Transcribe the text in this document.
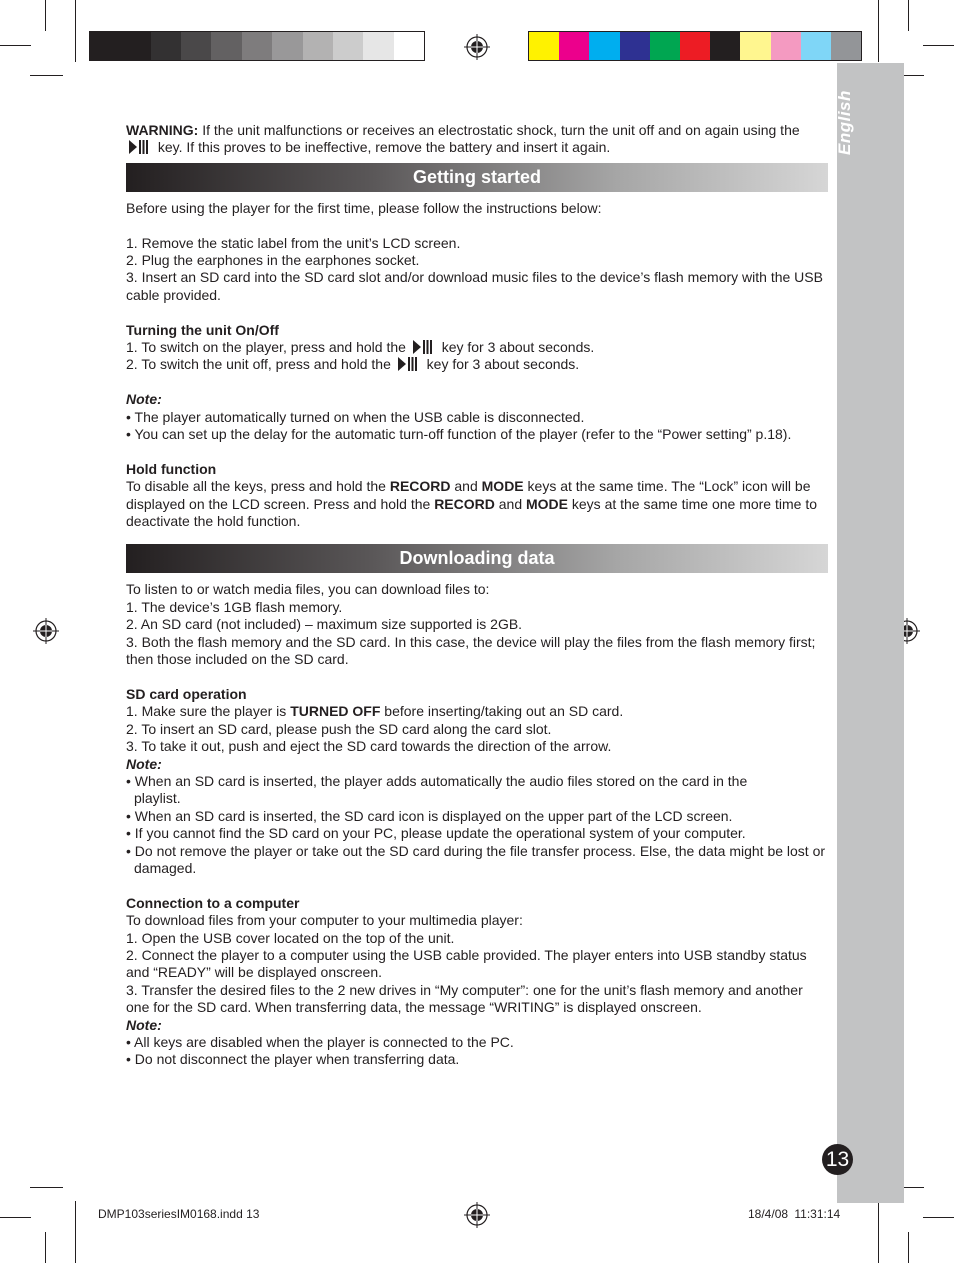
English
13

WARNING: If the unit malfunctions or receives an electrostatic shock, turn the unit off and on again using the  key. If this proves to be ineffective, remove the battery and insert it again.

Getting started

Before using the player for the first time, please follow the instructions below:

1. Remove the static label from the unit’s LCD screen.

2. Plug the earphones in the earphones socket.

3. Insert an SD card into the SD card slot and/or download music files to the device’s flash memory with the USB cable provided.

Turning the unit On/Off

1. To switch on the player, press and hold the	key for 3 about seconds.

2. To switch the unit off, press and hold the	key for 3 about seconds.

Note:

• The player automatically turned on when the USB cable is disconnected.

• You can set up the delay for the automatic turn-off function of the player (refer to the “Power setting” p.18).

Hold function

To disable all the keys, press and hold the RECORD and MODE keys at the same time. The “Lock” icon will be displayed on the LCD screen. Press and hold the RECORD and MODE keys at the same time one more time to deactivate the hold function.

Downloading data

To listen to or watch media files, you can download files to:

1. The device’s 1GB flash memory.

2. An SD card (not included) – maximum size supported is 2GB.

3. Both the flash memory and the SD card. In this case, the device will play the files from the flash memory first; then those included on the SD card.

SD card operation

1. Make sure the player is TURNED OFF before inserting/taking out an SD card.

2. To insert an SD card, please push the SD card along the card slot.

3. To take it out, push and eject the SD card towards the direction of the arrow.

Note:

• When an SD card is inserted, the player adds automatically the audio files stored on the card in the playlist.

• When an SD card is inserted, the SD card icon is displayed on the upper part of the LCD screen.

• If you cannot find the SD card on your PC, please update the operational system of your computer.

• Do not remove the player or take out the SD card during the file transfer process. Else, the data might be lost or damaged.

Connection to a computer

To download files from your computer to your multimedia player:

1. Open the USB cover located on the top of the unit.

2. Connect the player to a computer using the USB cable provided. The player enters into USB standby status and “READY” will be displayed onscreen.

3. Transfer the desired files to the 2 new drives in “My computer”: one for the unit’s flash memory and another one for the SD card. When transferring data, the message “WRITING” is displayed onscreen.

Note:

• All keys are disabled when the player is connected to the PC.

• Do not disconnect the player when transferring data.

DMP103seriesIM0168.indd 13	18/4/08 11:31:14
